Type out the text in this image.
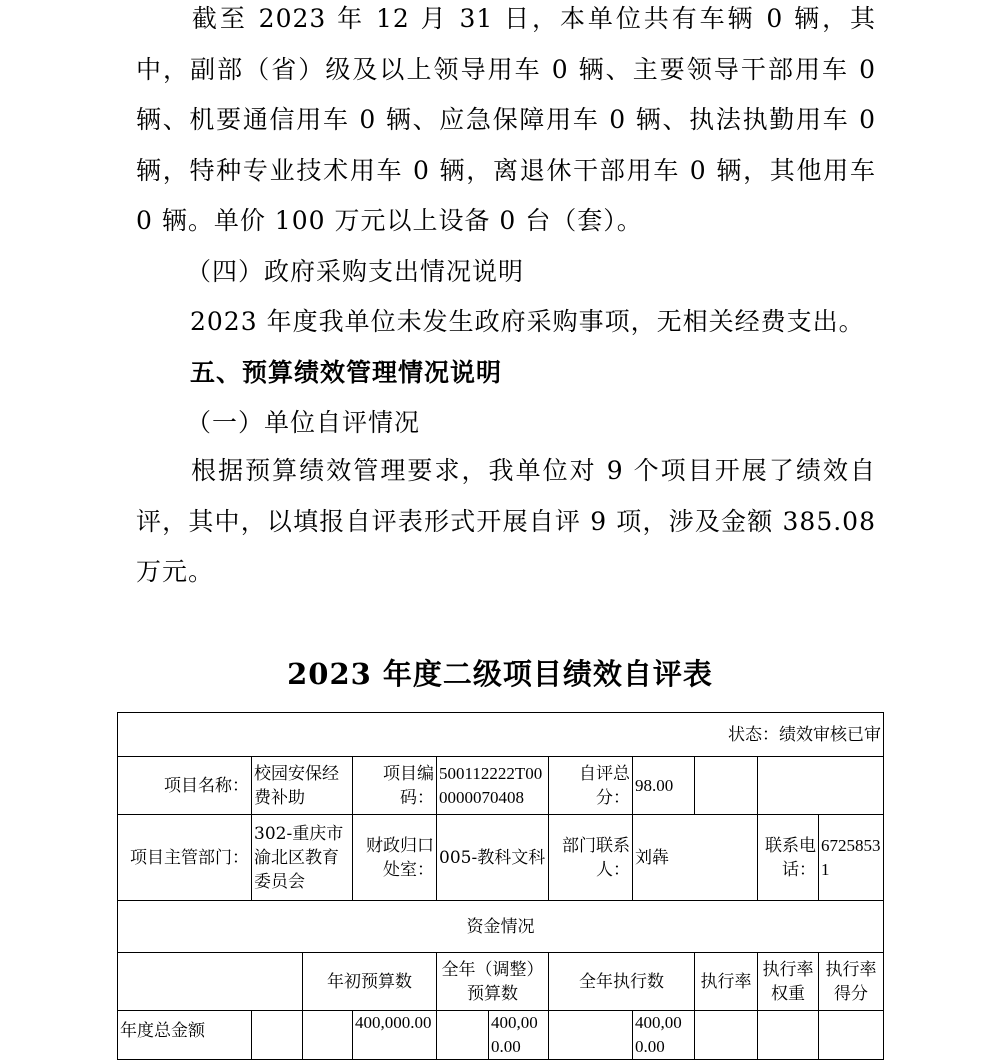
截至 2023 年 12 月 31 日，本单位共有车辆 0 辆，其中，副部（省）级及以上领导用车 0 辆、主要领导干部用车 0 辆、机要通信用车 0 辆、应急保障用车 0 辆、执法执勤用车 0 辆，特种专业技术用车 0 辆，离退休干部用车 0 辆，其他用车 0 辆。单价 100 万元以上设备 0 台（套）。
（四）政府采购支出情况说明
2023 年度我单位未发生政府采购事项，无相关经费支出。
五、预算绩效管理情况说明
（一）单位自评情况
根据预算绩效管理要求，我单位对 9 个项目开展了绩效自评，其中，以填报自评表形式开展自评 9 项，涉及金额 385.08 万元。
2023 年度二级项目绩效自评表
状态：绩效审核已审										
项目名称：	校园安保经费补助		项目编码：	500112222T000000070408		自评总分：	98.00			
项目主管部门：	302-重庆市渝北区教育委员会		财政归口处室：	005-教科文科		部门联系人：	刘犇		联系电话：	67258531
资金情况										
		年初预算数		全年（调整）预算数		全年执行数		执行率	执行率权重	执行率得分
年度总金额			400,000.00		400,000.00		400,000.00			
